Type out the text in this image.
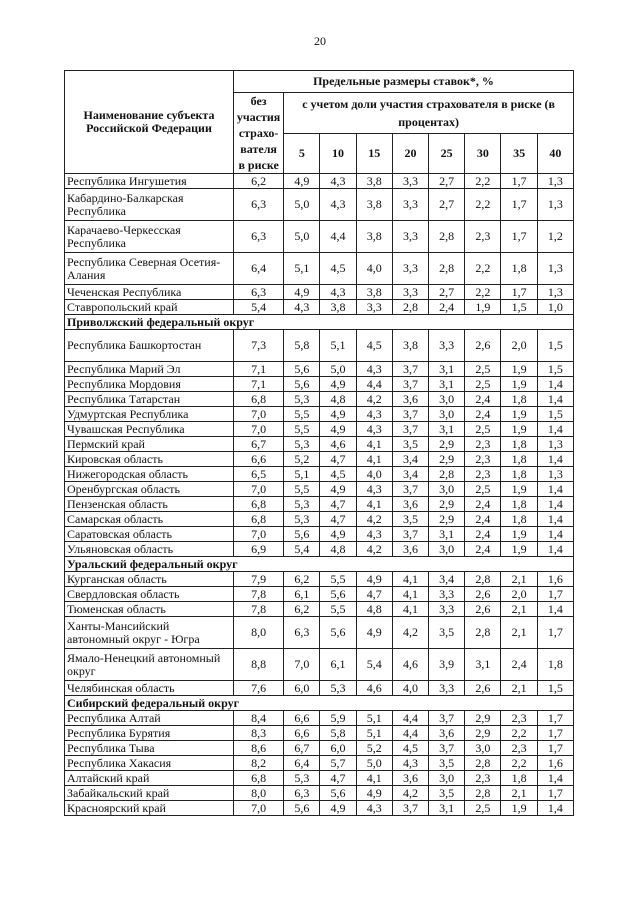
20
Наименование субъекта Российской Федерации	Предельные размеры ставок*, %								
	без участия страхо-вателя в риске	с учетом доли участия страхователя в риске (в процентах)							
		5	10	15	20	25	30	35	40
Республика Ингушетия	6,2	4,9	4,3	3,8	3,3	2,7	2,2	1,7	1,3
Кабардино-Балкарская Республика	6,3	5,0	4,3	3,8	3,3	2,7	2,2	1,7	1,3
Карачаево-Черкесская Республика	6,3	5,0	4,4	3,8	3,3	2,8	2,3	1,7	1,2
Республика Северная Осетия-Алания	6,4	5,1	4,5	4,0	3,3	2,8	2,2	1,8	1,3
Чеченская Республика	6,3	4,9	4,3	3,8	3,3	2,7	2,2	1,7	1,3
Ставропольский край	5,4	4,3	3,8	3,3	2,8	2,4	1,9	1,5	1,0
Приволжский федеральный округ									
Республика Башкортостан	7,3	5,8	5,1	4,5	3,8	3,3	2,6	2,0	1,5
Республика Марий Эл	7,1	5,6	5,0	4,3	3,7	3,1	2,5	1,9	1,5
Республика Мордовия	7,1	5,6	4,9	4,4	3,7	3,1	2,5	1,9	1,4
Республика Татарстан	6,8	5,3	4,8	4,2	3,6	3,0	2,4	1,8	1,4
Удмуртская Республика	7,0	5,5	4,9	4,3	3,7	3,0	2,4	1,9	1,5
Чувашская Республика	7,0	5,5	4,9	4,3	3,7	3,1	2,5	1,9	1,4
Пермский край	6,7	5,3	4,6	4,1	3,5	2,9	2,3	1,8	1,3
Кировская область	6,6	5,2	4,7	4,1	3,4	2,9	2,3	1,8	1,4
Нижегородская область	6,5	5,1	4,5	4,0	3,4	2,8	2,3	1,8	1,3
Оренбургская область	7,0	5,5	4,9	4,3	3,7	3,0	2,5	1,9	1,4
Пензенская область	6,8	5,3	4,7	4,1	3,6	2,9	2,4	1,8	1,4
Самарская область	6,8	5,3	4,7	4,2	3,5	2,9	2,4	1,8	1,4
Саратовская область	7,0	5,6	4,9	4,3	3,7	3,1	2,4	1,9	1,4
Ульяновская область	6,9	5,4	4,8	4,2	3,6	3,0	2,4	1,9	1,4
Уральский федеральный округ									
Курганская область	7,9	6,2	5,5	4,9	4,1	3,4	2,8	2,1	1,6
Свердловская область	7,8	6,1	5,6	4,7	4,1	3,3	2,6	2,0	1,7
Тюменская область	7,8	6,2	5,5	4,8	4,1	3,3	2,6	2,1	1,4
Ханты-Мансийский автономный округ - Югра	8,0	6,3	5,6	4,9	4,2	3,5	2,8	2,1	1,7
Ямало-Ненецкий автономный округ	8,8	7,0	6,1	5,4	4,6	3,9	3,1	2,4	1,8
Челябинская область	7,6	6,0	5,3	4,6	4,0	3,3	2,6	2,1	1,5
Сибирский федеральный округ									
Республика Алтай	8,4	6,6	5,9	5,1	4,4	3,7	2,9	2,3	1,7
Республика Бурятия	8,3	6,6	5,8	5,1	4,4	3,6	2,9	2,2	1,7
Республика Тыва	8,6	6,7	6,0	5,2	4,5	3,7	3,0	2,3	1,7
Республика Хакасия	8,2	6,4	5,7	5,0	4,3	3,5	2,8	2,2	1,6
Алтайский край	6,8	5,3	4,7	4,1	3,6	3,0	2,3	1,8	1,4
Забайкальский край	8,0	6,3	5,6	4,9	4,2	3,5	2,8	2,1	1,7
Красноярский край	7,0	5,6	4,9	4,3	3,7	3,1	2,5	1,9	1,4
